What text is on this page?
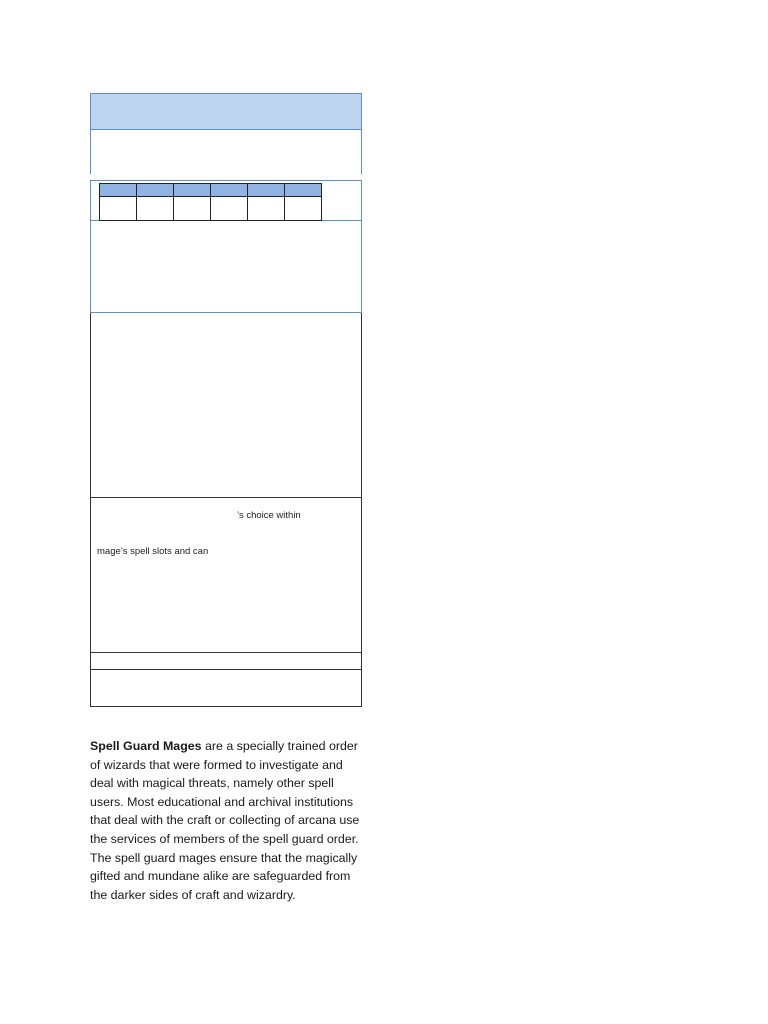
’s choice within
mage’s spell slots and can

Spell Guard Mages are a specially trained order of wizards that were formed to investigate and deal with magical threats, namely other spell users. Most educational and archival institutions that deal with the craft or collecting of arcana use the services of members of the spell guard order. The spell guard mages ensure that the magically gifted and mundane alike are safeguarded from the darker sides of craft and wizardry.
